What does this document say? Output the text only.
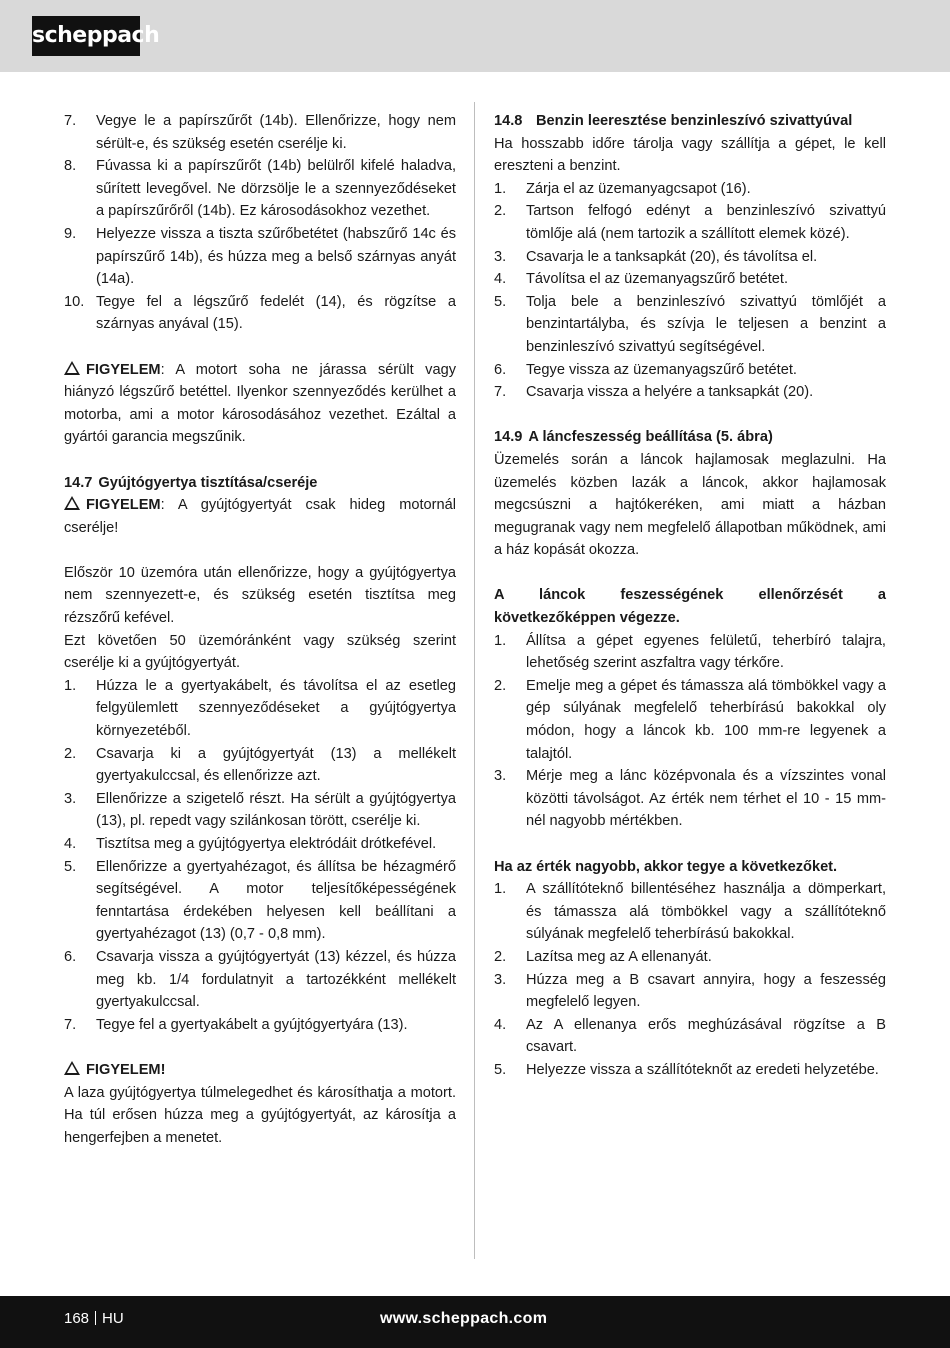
scheppach
7.	Vegye le a papírszűrőt (14b). Ellenőrizze, hogy nem sérült-e, és szükség esetén cserélje ki.
8.	Fúvassa ki a papírszűrőt (14b) belülről kifelé haladva, sűrített levegővel. Ne dörzsölje le a szennyeződéseket a papírszűrőről (14b). Ez károsodásokhoz vezethet.
9.	Helyezze vissza a tiszta szűrőbetétet (habszűrő 14c és papírszűrő 14b), és húzza meg a belső szárnyas anyát (14a).
10. Tegye fel a légszűrő fedelét (14), és rögzítse a szárnyas anyával (15).

FIGYELEM: A motort soha ne járassa sérült vagy hiányzó légszűrő betéttel. Ilyenkor szennyeződés kerülhet a motorba, ami a motor károsodásához vezethet. Ezáltal a gyártói garancia megszűnik.

14.7 Gyújtógyertya tisztítása/cseréje

FIGYELEM: A gyújtógyertyát csak hideg motornál cserélje!

Először 10 üzemóra után ellenőrizze, hogy a gyújtógyertya nem szennyezett-e, és szükség esetén tisztítsa meg rézszőrű kefével.

Ezt követően 50 üzemóránként vagy szükség szerint cserélje ki a gyújtógyertyát.

1.	Húzza le a gyertyakábelt, és távolítsa el az esetleg felgyülemlett szennyeződéseket a gyújtógyertya környezetéből.
2.	Csavarja ki a gyújtógyertyát (13) a mellékelt gyertyakulccsal, és ellenőrizze azt.
3.	Ellenőrizze a szigetelő részt. Ha sérült a gyújtógyertya (13), pl. repedt vagy szilánkosan törött, cserélje ki.
4.	Tisztítsa meg a gyújtógyertya elektródáit drótkefével.
5.	Ellenőrizze a gyertyahézagot, és állítsa be hézagmérő segítségével. A motor teljesítőképességének fenntartása érdekében helyesen kell beállítani a gyertyahézagot (13) (0,7 - 0,8 mm).
6.	Csavarja vissza a gyújtógyertyát (13) kézzel, és húzza meg kb. 1/4 fordulatnyit a tartozékként mellékelt gyertyakulccsal.
7.	Tegye fel a gyertyakábelt a gyújtógyertyára (13).

FIGYELEM!

A laza gyújtógyertya túlmelegedhet és károsíthatja a motort. Ha túl erősen húzza meg a gyújtógyertyát, az károsítja a hengerfejben a menetet.

14.8 Benzin leeresztése benzinleszívó szivattyúval

Ha hosszabb időre tárolja vagy szállítja a gépet, le kell ereszteni a benzint.

1.	Zárja el az üzemanyagcsapot (16).
2.	Tartson felfogó edényt a benzinleszívó szivattyú tömlője alá (nem tartozik a szállított elemek közé).
3.	Csavarja le a tanksapkát (20), és távolítsa el.
4.	Távolítsa el az üzemanyagszűrő betétet.
5.	Tolja bele a benzinleszívó szivattyú tömlőjét a benzintartályba, és szívja le teljesen a benzint a benzinleszívó szivattyú segítségével.
6.	Tegye vissza az üzemanyagszűrő betétet.
7.	Csavarja vissza a helyére a tanksapkát (20).

14.9 A láncfeszesség beállítása (5. ábra)

Üzemelés során a láncok hajlamosak meglazulni. Ha üzemelés közben lazák a láncok, akkor hajlamosak megcsúszni a hajtókeréken, ami miatt a házban megugranak vagy nem megfelelő állapotban működnek, ami a ház kopását okozza.

A láncok feszességének ellenőrzését a következőképpen végezze.

1.	Állítsa a gépet egyenes felületű, teherbíró talajra, lehetőség szerint aszfaltra vagy térkőre.
2.	Emelje meg a gépet és támassza alá tömbökkel vagy a gép súlyának megfelelő teherbírású bakokkal oly módon, hogy a láncok kb. 100 mm-re legyenek a talajtól.
3.	Mérje meg a lánc középvonala és a vízszintes vonal közötti távolságot. Az érték nem térhet el 10 - 15 mm-nél nagyobb mértékben.

Ha az érték nagyobb, akkor tegye a következőket.

1.	A szállítóteknő billentéséhez használja a dömperkart, és támassza alá tömbökkel vagy a szállítóteknő súlyának megfelelő teherbírású bakokkal.
2.	Lazítsa meg az A ellenanyát.
3.	Húzza meg a B csavart annyira, hogy a feszesség megfelelő legyen.
4.	Az A ellenanya erős meghúzásával rögzítse a B csavart.
5.	Helyezze vissza a szállítóteknőt az eredeti helyzetébe.
168 HU	www.scheppach.com
